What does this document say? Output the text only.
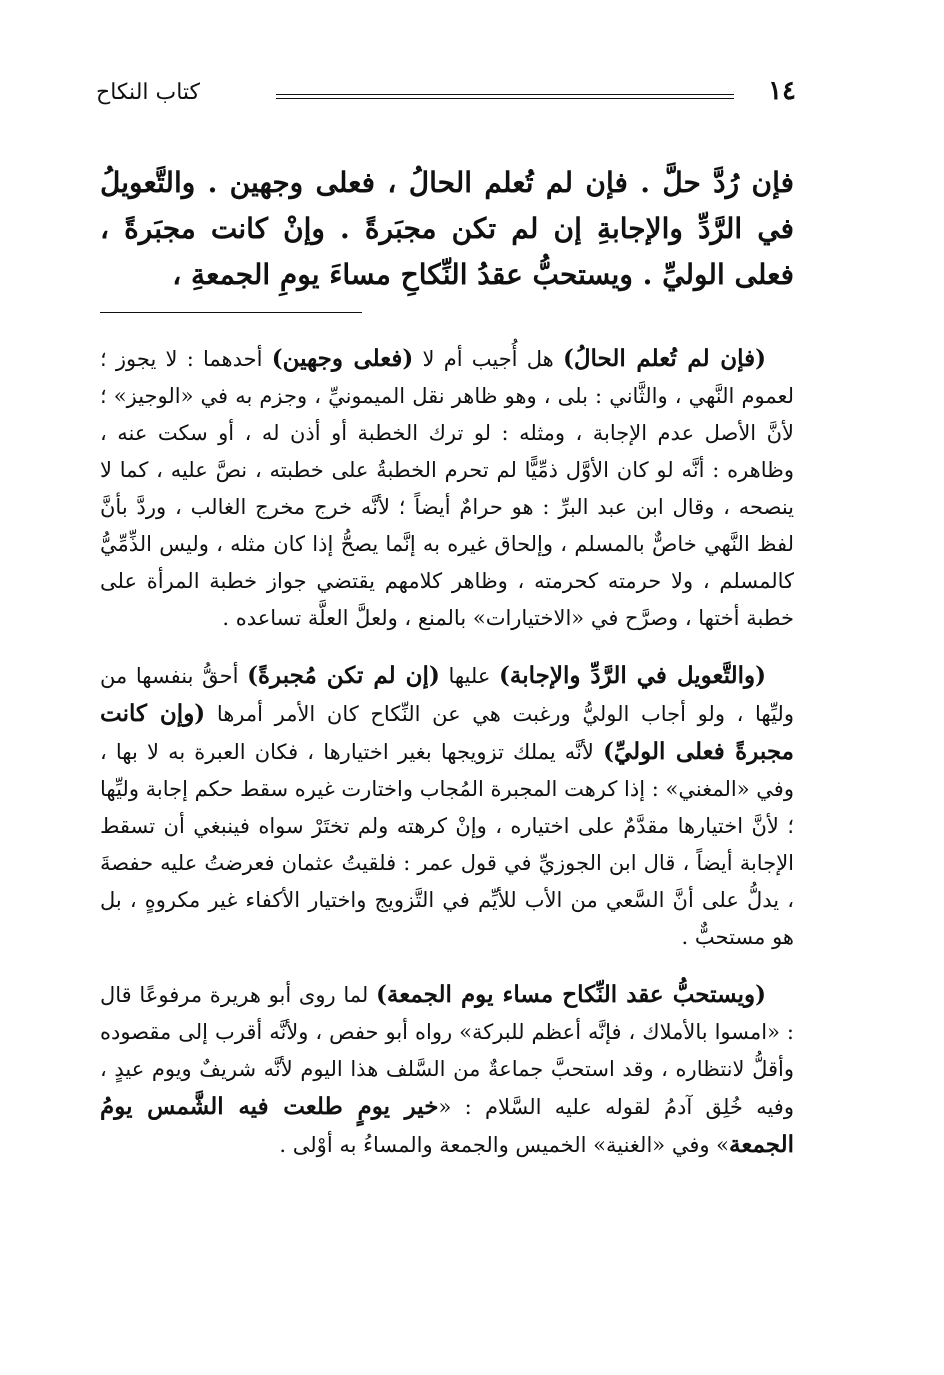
١٤
كتاب النكاح
فإن رُدَّ حلَّ . فإن لم تُعلم الحالُ ، فعلى وجهين . والتَّعويلُ في الرَّدِّ والإجابةِ إن لم تكن مجبَرةً . وإنْ كانت مجبَرةً ، فعلى الوليِّ . ويستحبُّ عقدُ النِّكاحِ مساءَ يومِ الجمعةِ ،

(فإن لم تُعلم الحالُ) هل أُجيب أم لا (فعلى وجهين) أحدهما : لا يجوز ؛ لعموم النَّهي ، والثَّاني : بلى ، وهو ظاهر نقل الميمونيِّ ، وجزم به في «الوجيز» ؛ لأنَّ الأصل عدم الإجابة ، ومثله : لو ترك الخطبة أو أذن له ، أو سكت عنه ، وظاهره : أنَّه لو كان الأوَّل ذمِّيًّا لم تحرم الخطبةُ على خطبته ، نصَّ عليه ، كما لا ينصحه ، وقال ابن عبد البرِّ : هو حرامٌ أيضاً ؛ لأنَّه خرج مخرج الغالب ، وردَّ بأنَّ لفظ النَّهي خاصٌّ بالمسلم ، وإلحاق غيره به إنَّما يصحُّ إذا كان مثله ، وليس الذِّمِّيُّ كالمسلم ، ولا حرمته كحرمته ، وظاهر كلامهم يقتضي جواز خطبة المرأة على خطبة أختها ، وصرَّح في «الاختيارات» بالمنع ، ولعلَّ العلَّة تساعده .

(والتَّعويل في الرَّدِّ والإجابة) عليها (إن لم تكن مُجبرةً) أحقُّ بنفسها من وليِّها ، ولو أجاب الوليُّ ورغبت هي عن النِّكاح كان الأمر أمرها (وإن كانت مجبرةً فعلى الوليِّ) لأنَّه يملك تزويجها بغير اختيارها ، فكان العبرة به لا بها ، وفي «المغني» : إذا كرهت المجبرة المُجاب واختارت غيره سقط حكم إجابة وليِّها ؛ لأنَّ اختيارها مقدَّمٌ على اختياره ، وإنْ كرهته ولم تختَرْ سواه فينبغي أن تسقط الإجابة أيضاً ، قال ابن الجوزيِّ في قول عمر : فلقيتُ عثمان فعرضتُ عليه حفصةَ ، يدلُّ على أنَّ السَّعي من الأب للأيِّم في التَّزويج واختيار الأكفاء غير مكروهٍ ، بل هو مستحبٌّ .

(ويستحبُّ عقد النِّكاح مساء يوم الجمعة) لما روى أبو هريرة مرفوعًا قال : «امسوا بالأملاك ، فإنَّه أعظم للبركة» رواه أبو حفص ، ولأنَّه أقرب إلى مقصوده وأقلُّ لانتظاره ، وقد استحبَّ جماعةٌ من السَّلف هذا اليوم لأنَّه شريفٌ ويوم عيدٍ ، وفيه خُلِق آدمُ لقوله عليه السَّلام : «خير يومٍ طلعت فيه الشَّمس يومُ الجمعة» وفي «الغنية» الخميس والجمعة والمساءُ به أوْلى .
